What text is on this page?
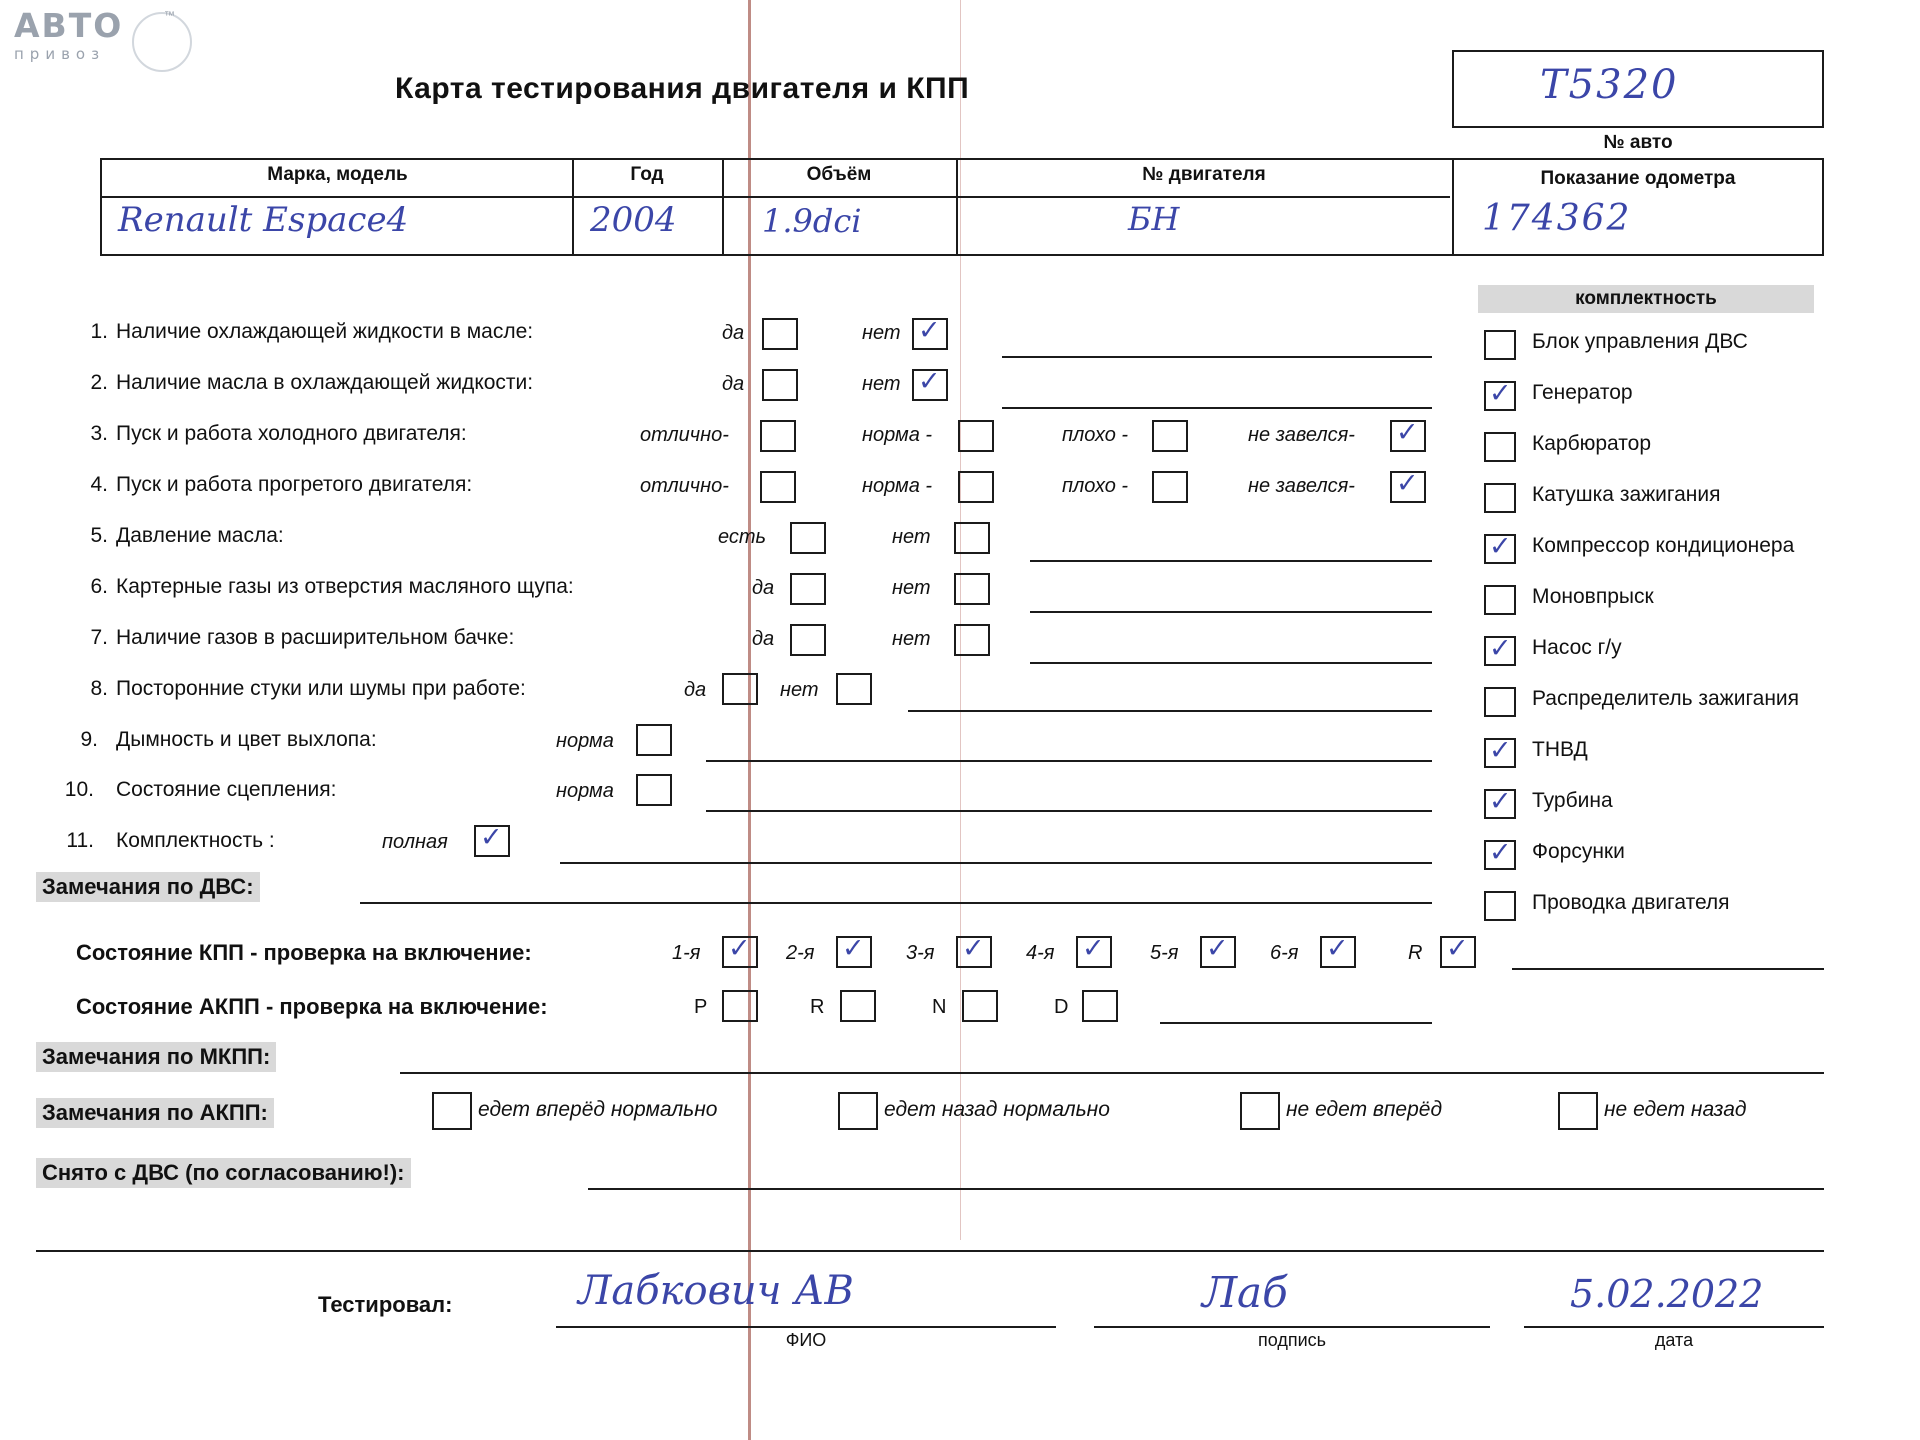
™
АВТО
привоз
Карта тестирования двигателя и КПП	T5320
№ авто
Марка, модель	Год	Объём	№ двигателя	Показание одометра
Renault Espace4	2004	1.9dci	БН	174362
1. Наличие охлаждающей жидкости в масле:	да	нет ✓
2. Наличие масла в охлаждающей жидкости:	да	нет ✓
3. Пуск и работа холодного двигателя:	отлично-	норма -	плохо -	не завелся- ✓
4. Пуск и работа прогретого двигателя:	отлично-	норма -	плохо -	не завелся- ✓
5. Давление масла:	есть	нет
6. Картерные газы из отверстия масляного щупа:	да	нет
7. Наличие газов в расширительном бачке:	да	нет
8. Посторонние стуки или шумы при работе:	да	нет
9. Дымность и цвет выхлопа:	норма
10. Состояние сцепления:	норма
11. Комплектность :	полная ✓
комплектность
Блок управления ДВС
✓ Генератор
Карбюратор
Катушка зажигания
✓ Компрессор кондиционера
Моновпрыск
✓ Насос г/у
Распределитель зажигания
✓ ТНВД
✓ Турбина
✓ Форсунки
Проводка двигателя
Замечания по ДВС:
Состояние КПП - проверка на включение:	1-я ✓ 2-я ✓ 3-я ✓ 4-я ✓ 5-я ✓ 6-я ✓	R ✓
Состояние АКПП - проверка на включение:	P	R	N	D
Замечания по МКПП:
Замечания по АКПП:	едет вперёд нормально	едет назад нормально	не едет вперёд	не едет назад
Снято с ДВС (по согласованию!):
Тестировал:	Лабкович АВ
ФИО
Лаб
подпись
5.02.2022
дата
